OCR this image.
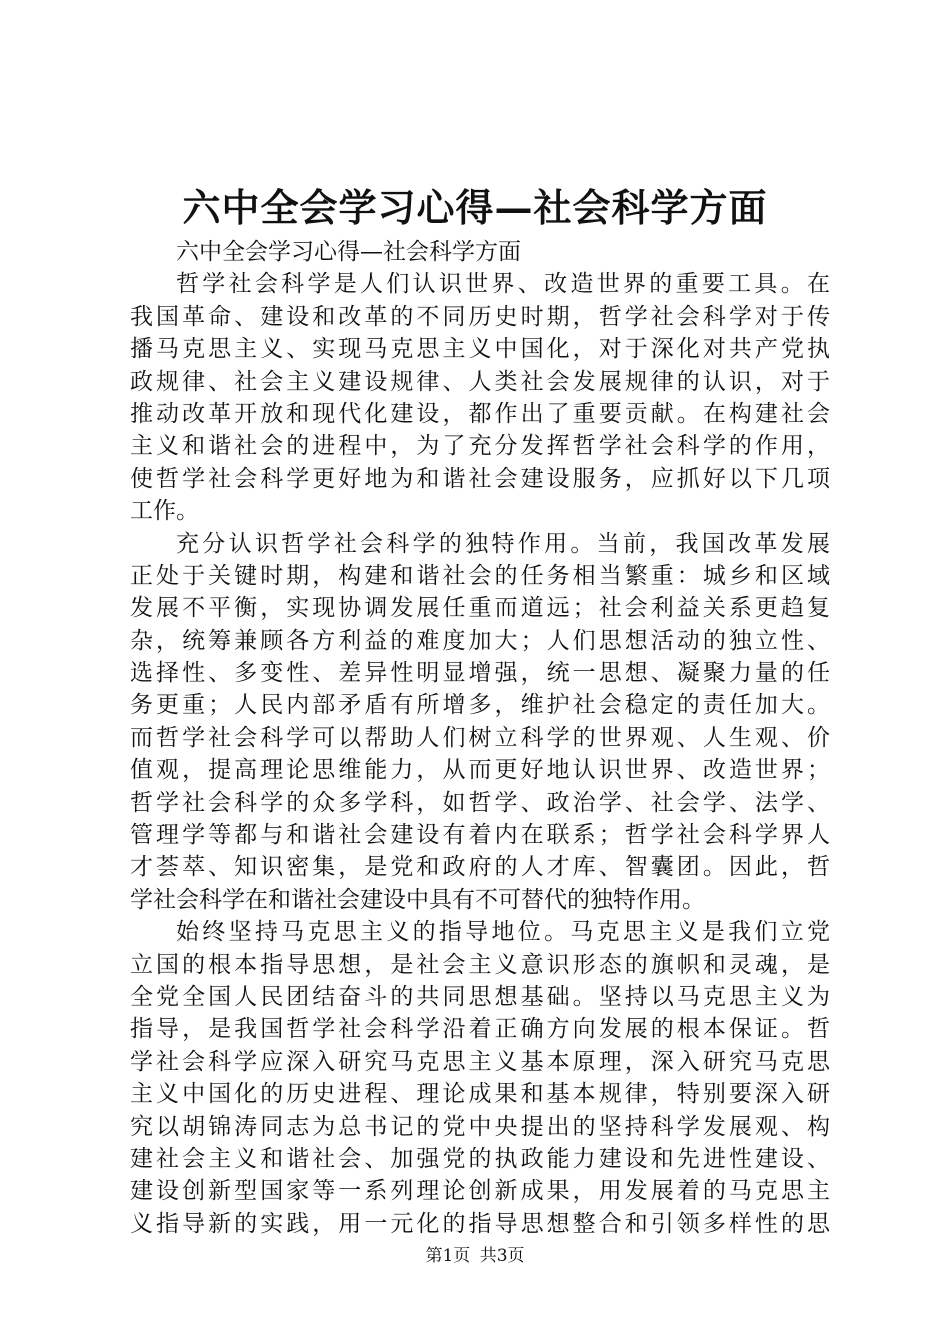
六中全会学习心得—社会科学方面
六中全会学习心得—社会科学方面
哲学社会科学是人们认识世界、改造世界的重要工具。在
我国革命、建设和改革的不同历史时期，哲学社会科学对于传
播马克思主义、实现马克思主义中国化，对于深化对共产党执
政规律、社会主义建设规律、人类社会发展规律的认识，对于
推动改革开放和现代化建设，都作出了重要贡献。在构建社会
主义和谐社会的进程中，为了充分发挥哲学社会科学的作用，
使哲学社会科学更好地为和谐社会建设服务，应抓好以下几项
工作。
充分认识哲学社会科学的独特作用。当前，我国改革发展
正处于关键时期，构建和谐社会的任务相当繁重：城乡和区域
发展不平衡，实现协调发展任重而道远；社会利益关系更趋复
杂，统筹兼顾各方利益的难度加大；人们思想活动的独立性、
选择性、多变性、差异性明显增强，统一思想、凝聚力量的任
务更重；人民内部矛盾有所增多，维护社会稳定的责任加大。
而哲学社会科学可以帮助人们树立科学的世界观、人生观、价
值观，提高理论思维能力，从而更好地认识世界、改造世界；
哲学社会科学的众多学科，如哲学、政治学、社会学、法学、
管理学等都与和谐社会建设有着内在联系；哲学社会科学界人
才荟萃、知识密集，是党和政府的人才库、智囊团。因此，哲
学社会科学在和谐社会建设中具有不可替代的独特作用。
始终坚持马克思主义的指导地位。马克思主义是我们立党
立国的根本指导思想，是社会主义意识形态的旗帜和灵魂，是
全党全国人民团结奋斗的共同思想基础。坚持以马克思主义为
指导，是我国哲学社会科学沿着正确方向发展的根本保证。哲
学社会科学应深入研究马克思主义基本原理，深入研究马克思
主义中国化的历史进程、理论成果和基本规律，特别要深入研
究以胡锦涛同志为总书记的党中央提出的坚持科学发展观、构
建社会主义和谐社会、加强党的执政能力建设和先进性建设、
建设创新型国家等一系列理论创新成果，用发展着的马克思主
义指导新的实践，用一元化的指导思想整合和引领多样性的思
第1页 共3页
